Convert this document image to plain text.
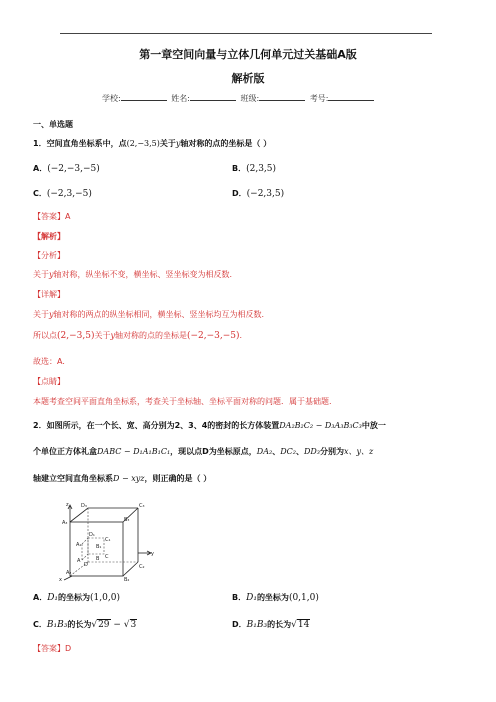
第一章空间向量与立体几何单元过关基础A版
解析版
学校:	姓名:	班级:	考号:
一、单选题
1．空间直角坐标系中，点(2,−3,5)关于y轴对称的点的坐标是（ ）
A．(−2,−3,−5)	B．(2,3,5)
C．(−2,3,−5)	D．(−2,3,5)
【答案】A
【解析】
【分析】
关于y轴对称，纵坐标不变，横坐标、竖坐标变为相反数.
【详解】
关于y轴对称的两点的纵坐标相同，横坐标、竖坐标均互为相反数.
所以点(2,−3,5)关于y轴对称的点的坐标是(−2,−3,−5).
故选：A.
【点睛】
本题考查空间平面直角坐标系，考查关于坐标轴、坐标平面对称的问题．属于基础题.
2．如图所示，在一个长、宽、高分别为2、3、4的密封的长方体装置DA₂B₂C₂ − D₃A₃B₃C₃中放一
个单位正方体礼盒DABC − D₁A₁B₁C₁，现以点D为坐标原点，DA₂、DC₂、DD₃分别为x、y、z
轴建立空间直角坐标系D − xyz，则正确的是（ ）
z
x
y
D₃
A₃
C₃
B₃
D₁
C₁
A₁	B₁
D
A
C
B
A₂
B₂
C₂
A．D₁的坐标为(1,0,0)	B．D₁的坐标为(0,1,0)
C．B₁B₃的长为√29 − √3	D．B₁B₃的长为√14
【答案】D
